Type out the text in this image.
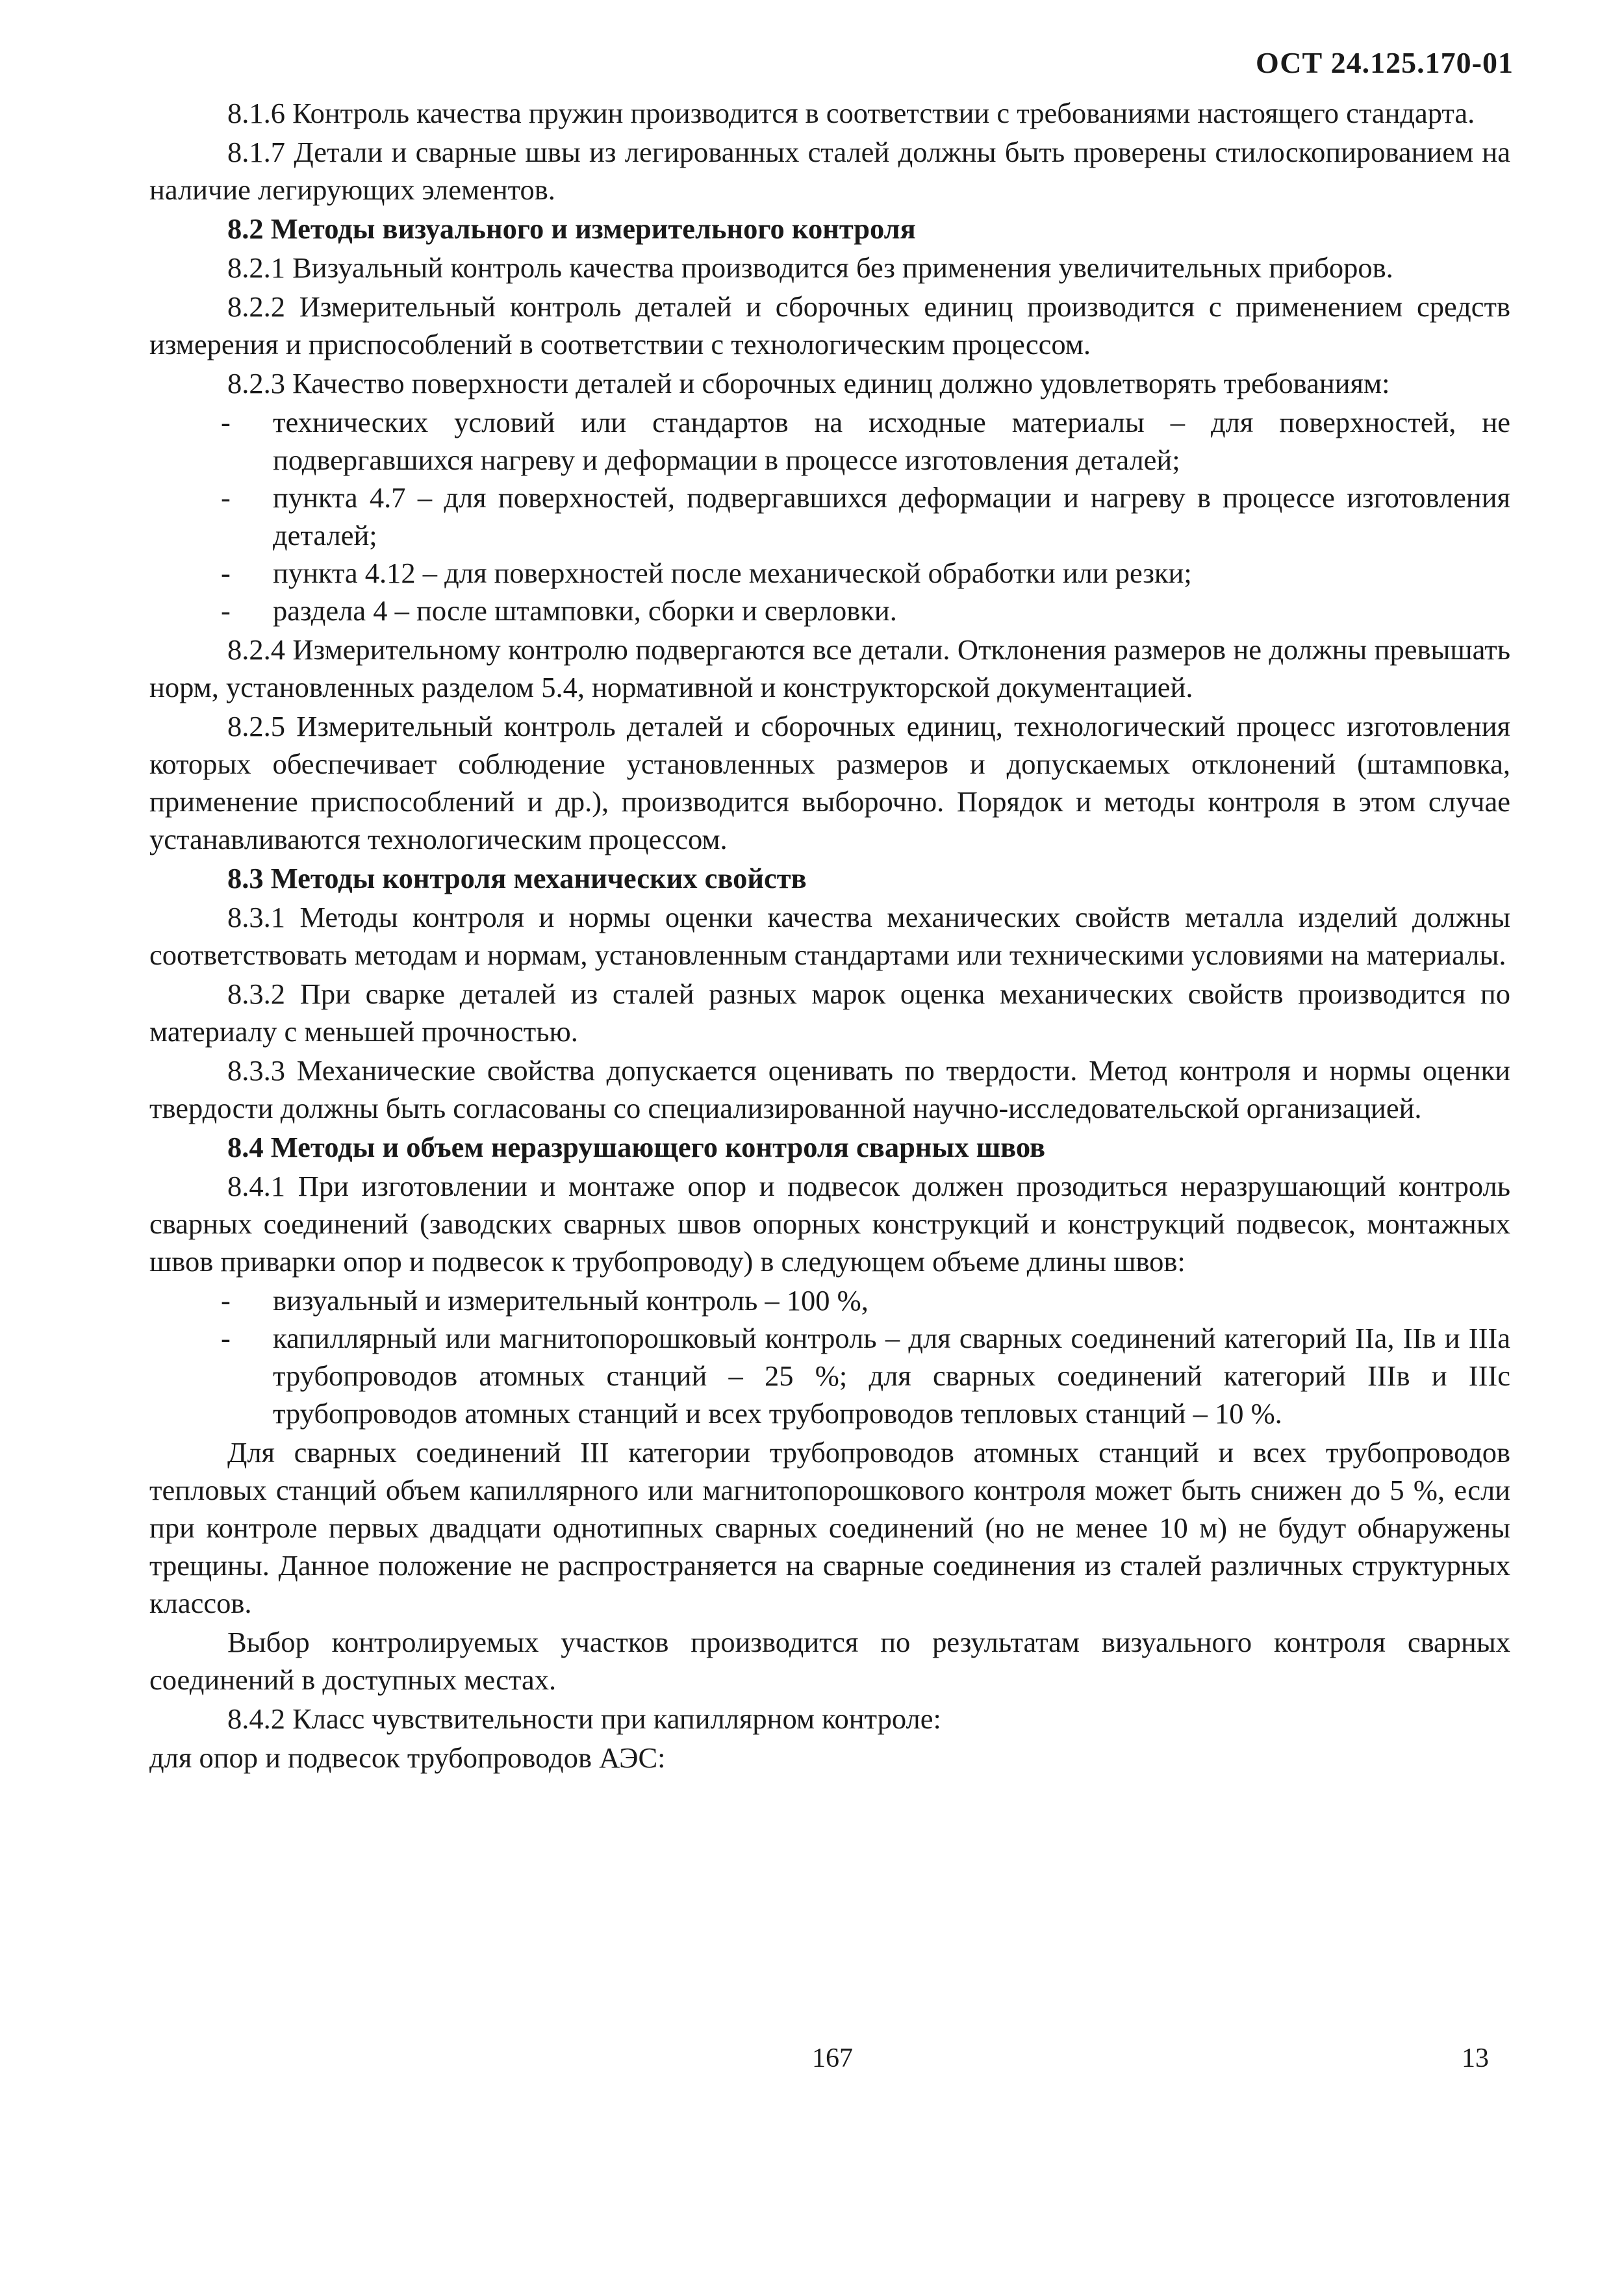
ОСТ 24.125.170-01

8.1.6 Контроль качества пружин производится в соответствии с требованиями настоящего стандарта.

8.1.7 Детали и сварные швы из легированных сталей должны быть проверены стилоскопированием на наличие легирующих элементов.

8.2 Методы визуального и измерительного контроля

8.2.1 Визуальный контроль качества производится без применения увеличительных приборов.

8.2.2 Измерительный контроль деталей и сборочных единиц производится с применением средств измерения и приспособлений в соответствии с технологическим процессом.

8.2.3 Качество поверхности деталей и сборочных единиц должно удовлетворять требованиям:

- технических условий или стандартов на исходные материалы – для поверхностей, не подвергавшихся нагреву и деформации в процессе изготовления деталей;
- пункта 4.7 – для поверхностей, подвергавшихся деформации и нагреву в процессе изготовления деталей;
- пункта 4.12 – для поверхностей после механической обработки или резки;
- раздела 4 – после штамповки, сборки и сверловки.

8.2.4 Измерительному контролю подвергаются все детали. Отклонения размеров не должны превышать норм, установленных разделом 5.4, нормативной и конструкторской документацией.

8.2.5 Измерительный контроль деталей и сборочных единиц, технологический процесс изготовления которых обеспечивает соблюдение установленных размеров и допускаемых отклонений (штамповка, применение приспособлений и др.), производится выборочно. Порядок и методы контроля в этом случае устанавливаются технологическим процессом.

8.3 Методы контроля механических свойств

8.3.1 Методы контроля и нормы оценки качества механических свойств металла изделий должны соответствовать методам и нормам, установленным стандартами или техническими условиями на материалы.

8.3.2 При сварке деталей из сталей разных марок оценка механических свойств производится по материалу с меньшей прочностью.

8.3.3 Механические свойства допускается оценивать по твердости. Метод контроля и нормы оценки твердости должны быть согласованы со специализированной научно-исследовательской организацией.

8.4 Методы и объем неразрушающего контроля сварных швов

8.4.1 При изготовлении и монтаже опор и подвесок должен прозодиться неразрушающий контроль сварных соединений (заводских сварных швов опорных конструкций и конструкций подвесок, монтажных швов приварки опор и подвесок к трубопроводу) в следующем объеме длины швов:

- визуальный и измерительный контроль – 100 %,
- капиллярный или магнитопорошковый контроль – для сварных соединений категорий IIа, IIв и IIIа трубопроводов атомных станций – 25 %; для сварных соединений категорий IIIв и IIIс трубопроводов атомных станций и всех трубопроводов тепловых станций – 10 %.

Для сварных соединений III категории трубопроводов атомных станций и всех трубопроводов тепловых станций объем капиллярного или магнитопорошкового контроля может быть снижен до 5 %, если при контроле первых двадцати однотипных сварных соединений (но не менее 10 м) не будут обнаружены трещины. Данное положение не распространяется на сварные соединения из сталей различных структурных классов.

Выбор контролируемых участков производится по результатам визуального контроля сварных соединений в доступных местах.

8.4.2 Класс чувствительности при капиллярном контроле:

для опор и подвесок трубопроводов АЭС:

167	13
